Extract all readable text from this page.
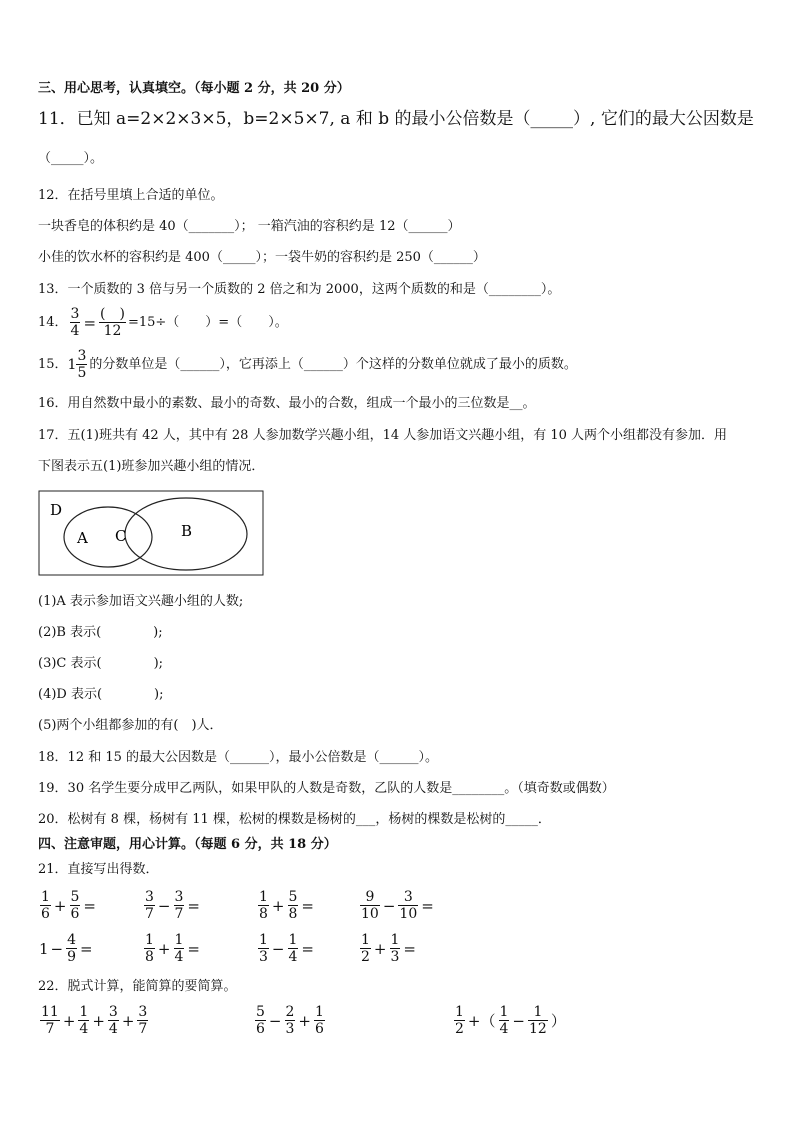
三、用心思考，认真填空。（每小题 2 分，共 20 分）
11．已知 a=2×2×3×5，b=2×5×7, a 和 b 的最小公倍数是（_____）, 它们的最大公因数是
（_____）。
12．在括号里填上合适的单位。
一块香皂的体积约是 40（_______）； 一箱汽油的容积约是 12（______）
小佳的饮水杯的容积约是 400（_____）；一袋牛奶的容积约是 250（______）
13．一个质数的 3 倍与另一个质数的 2 倍之和为 2000，这两个质数的和是（________）。
14． $\frac{3}{4} = \frac{( )}{12} =15\div$（　　）=（　　）。
15． $1 \frac{3}{5}$ 的分数单位是（______），它再添上（______）个这样的分数单位就成了最小的质数。
16．用自然数中最小的素数、最小的奇数、最小的合数，组成一个最小的三位数是__。
17．五(1)班共有 42 人，其中有 28 人参加数学兴趣小组，14 人参加语文兴趣小组，有 10 人两个小组都没有参加．用
下图表示五(1)班参加兴趣小组的情况．
D
A C	B
(1)A 表示参加语文兴趣小组的人数;
(2)B 表示(　　　　);
(3)C 表示(　　　　);
(4)D 表示(　　　　);
(5)两个小组都参加的有(　)人．
18．12 和 15 的最大公因数是（______），最小公倍数是（______）。
19．30 名学生要分成甲乙两队，如果甲队的人数是奇数，乙队的人数是________。（填奇数或偶数）
20．松树有 8 棵，杨树有 11 棵，松树的棵数是杨树的___，杨树的棵数是松树的_____．
四、注意审题，用心计算。（每题 6 分，共 18 分）
21．直接写出得数．
$\frac{1}{6} + \frac{5}{6}$ =	$\frac{3}{7} - \frac{3}{7}$ =	$\frac{1}{8} + \frac{5}{8}$ =	$\frac{9}{10} - \frac{3}{10}$ =
$1 - \frac{4}{9}$ =	$\frac{1}{8} + \frac{1}{4}$ =	$\frac{1}{3} - \frac{1}{4}$ =	$\frac{1}{2} + \frac{1}{3}$ =
22．脱式计算，能简算的要简算。
$\frac{11}{7} + \frac{1}{4} + \frac{3}{4} + \frac{3}{7}$	$\frac{5}{6} - \frac{2}{3} + \frac{1}{6}$	$\frac{1}{2}$ +（ $\frac{1}{4} - \frac{1}{12}$ ）
